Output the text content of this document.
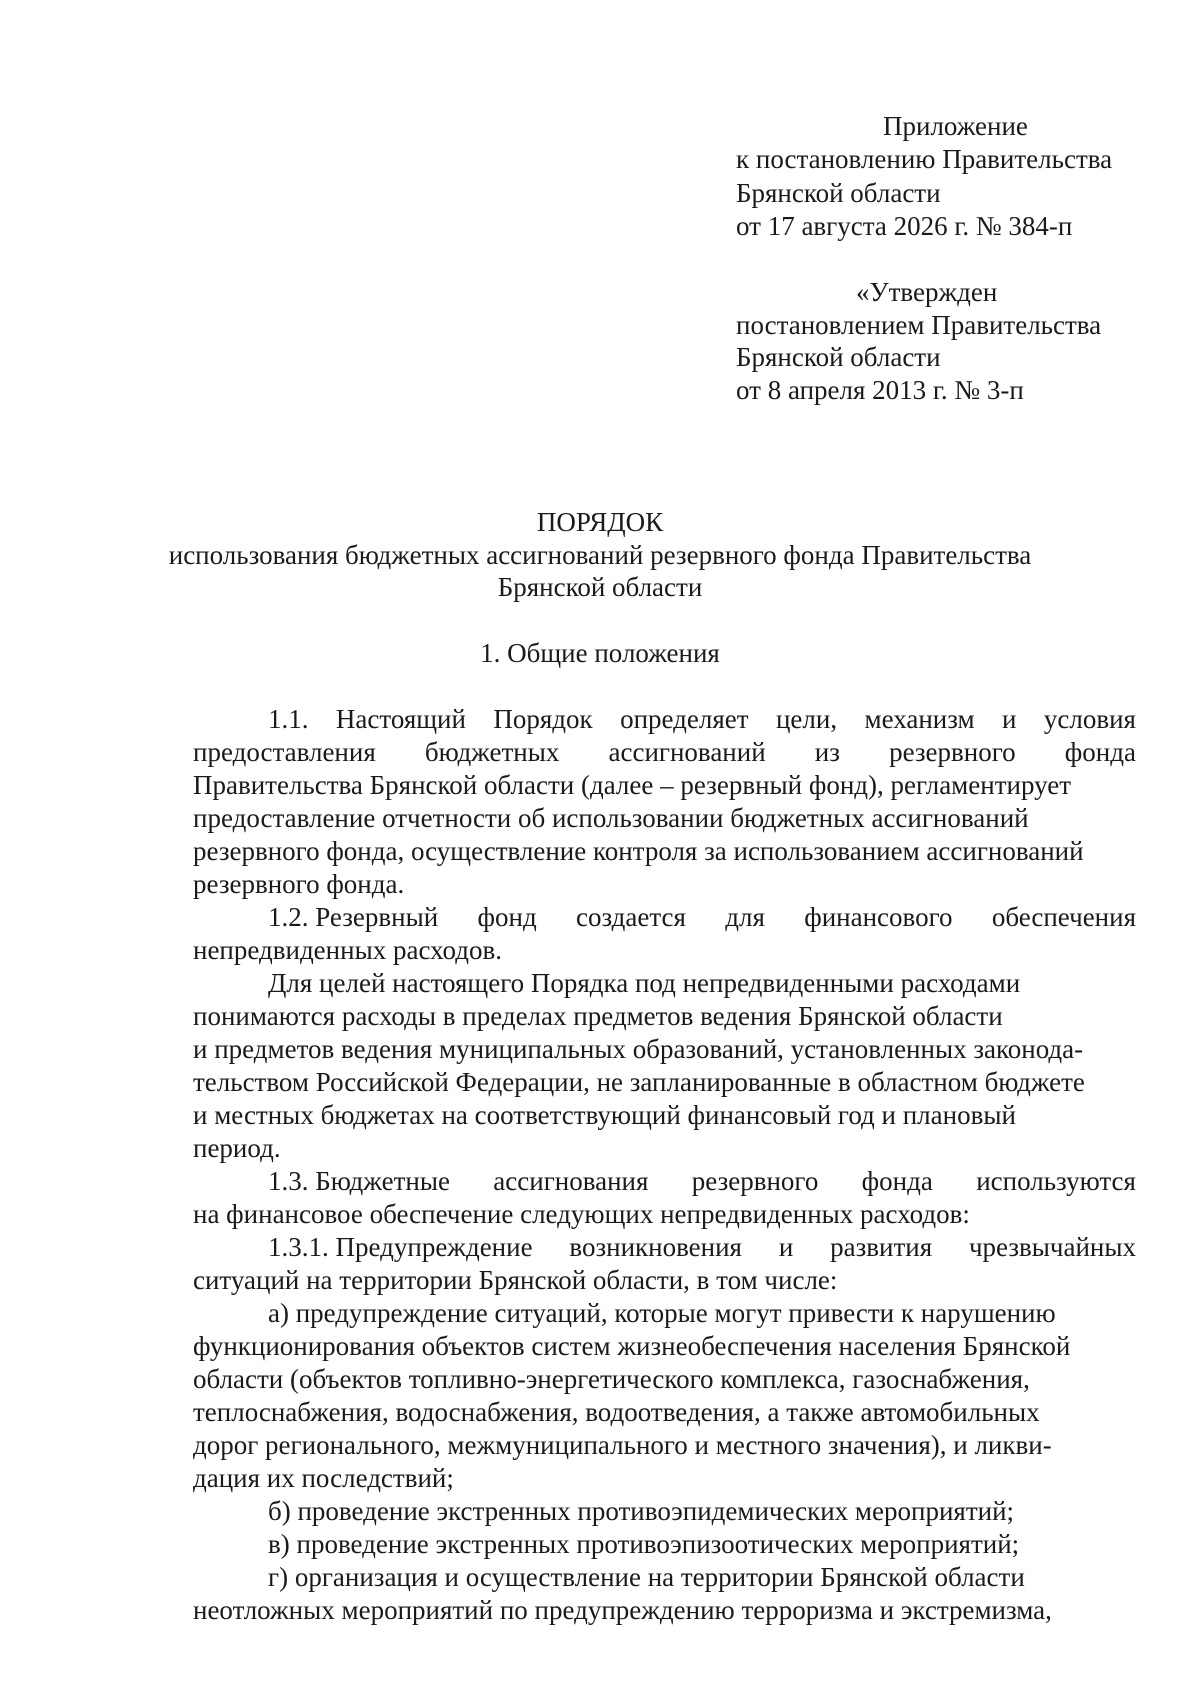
Приложение

к постановлению Правительства

Брянской области

от 17 августа 2026 г. № 384-п

«Утвержден

постановлением Правительства

Брянской области

от 8 апреля 2013 г. № 3-п

ПОРЯДОК

использования бюджетных ассигнований резервного фонда Правительства

Брянской области

1. Общие положения

1.1. Настоящий Порядок определяет цели, механизм и условия

предоставления бюджетных ассигнований из резервного фонда

Правительства Брянской области (далее – резервный фонд), регламентирует

предоставление отчетности об использовании бюджетных ассигнований

резервного фонда, осуществление контроля за использованием ассигнований

резервного фонда.

1.2. Резервный фонд создается для финансового обеспечения

непредвиденных расходов.

Для целей настоящего Порядка под непредвиденными расходами

понимаются расходы в пределах предметов ведения Брянской области

и предметов ведения муниципальных образований, установленных законода-

тельством Российской Федерации, не запланированные в областном бюджете

и местных бюджетах на соответствующий финансовый год и плановый

период.

1.3. Бюджетные ассигнования резервного фонда используются

на финансовое обеспечение следующих непредвиденных расходов:

1.3.1. Предупреждение возникновения и развития чрезвычайных

ситуаций на территории Брянской области, в том числе:

а) предупреждение ситуаций, которые могут привести к нарушению

функционирования объектов систем жизнеобеспечения населения Брянской

области (объектов топливно-энергетического комплекса, газоснабжения,

теплоснабжения, водоснабжения, водоотведения, а также автомобильных

дорог регионального, межмуниципального и местного значения), и ликви-

дация их последствий;

б) проведение экстренных противоэпидемических мероприятий;

в) проведение экстренных противоэпизоотических мероприятий;

г) организация и осуществление на территории Брянской области

неотложных мероприятий по предупреждению терроризма и экстремизма,
